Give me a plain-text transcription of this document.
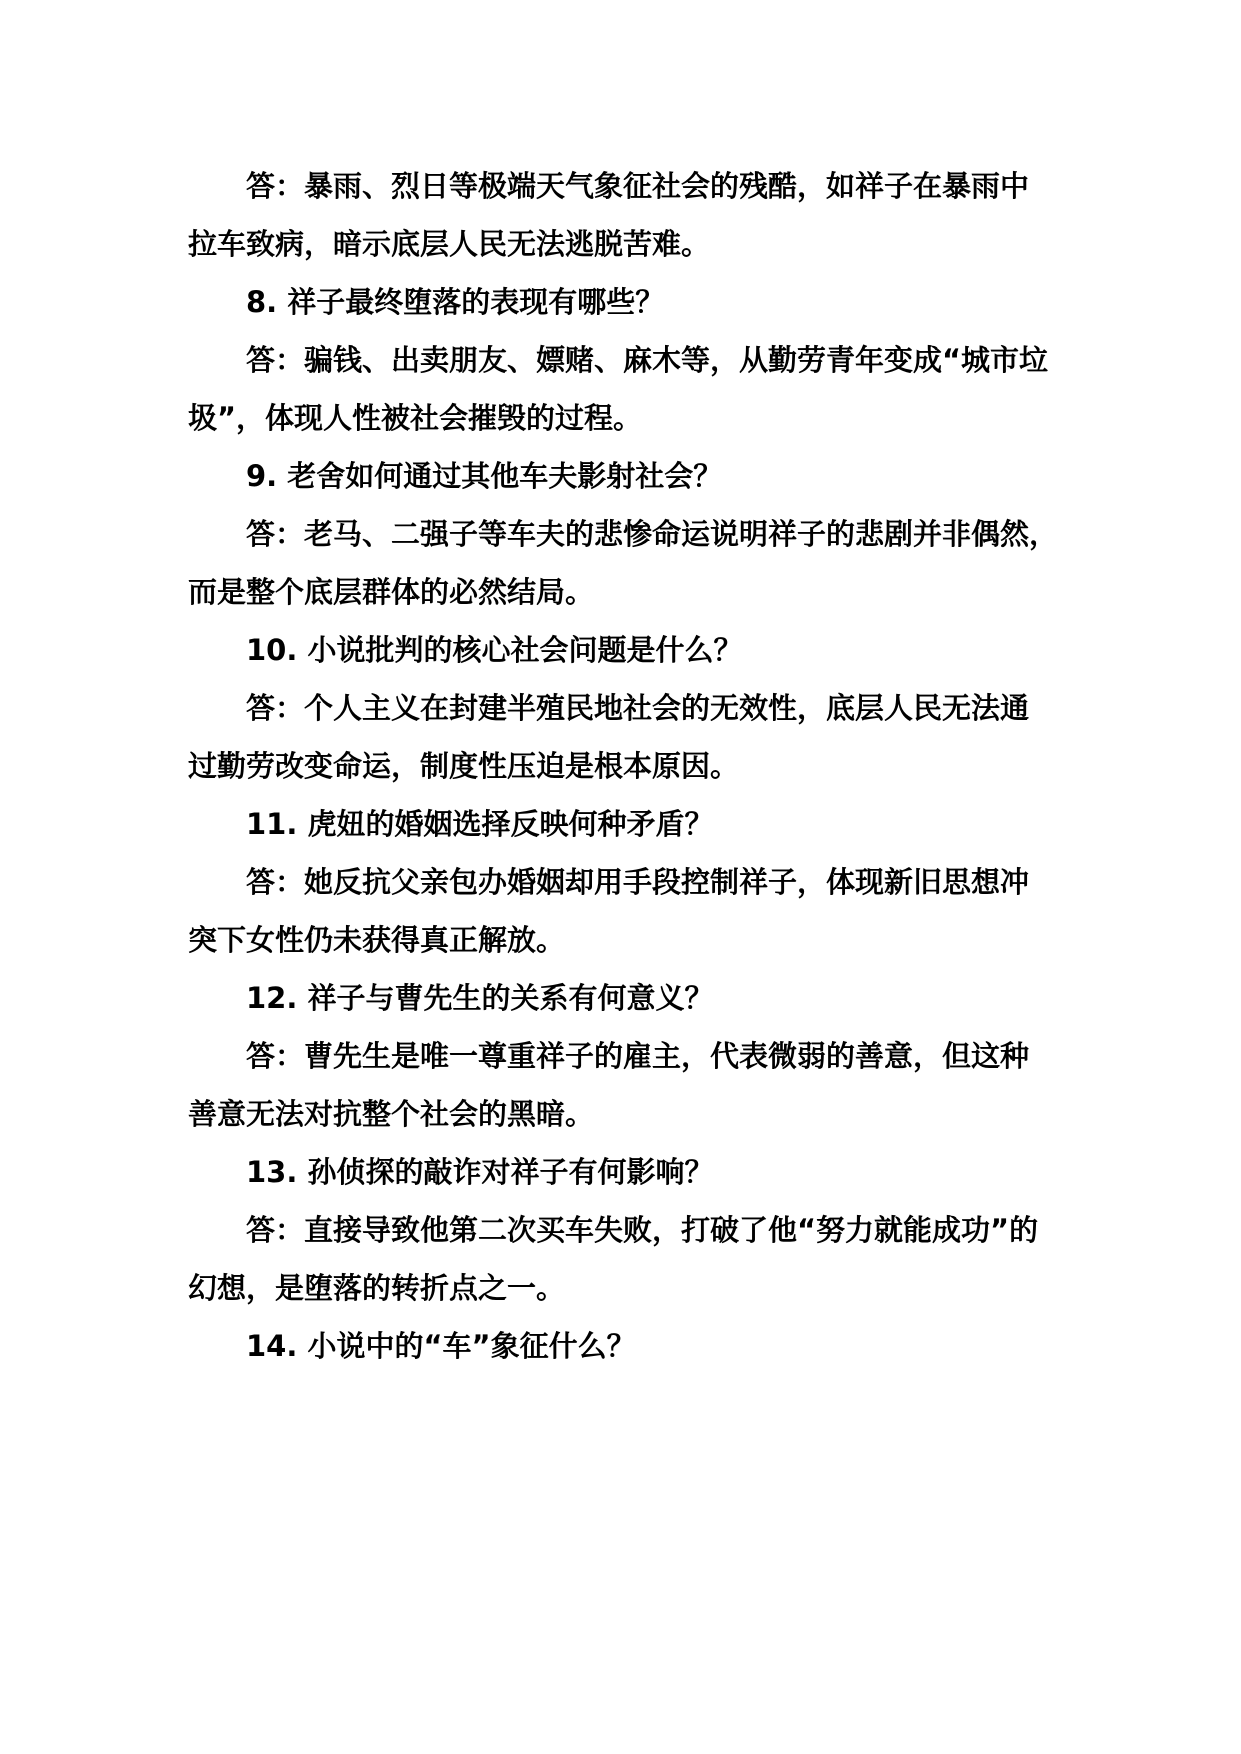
答：暴雨、烈日等极端天气象征社会的残酷，如祥子在暴雨中
拉车致病，暗示底层人民无法逃脱苦难。
8. 祥子最终堕落的表现有哪些？
答：骗钱、出卖朋友、嫖赌、麻木等，从勤劳青年变成“城市垃
圾”，体现人性被社会摧毁的过程。
9. 老舍如何通过其他车夫影射社会？
答：老马、二强子等车夫的悲惨命运说明祥子的悲剧并非偶然，
而是整个底层群体的必然结局。
10. 小说批判的核心社会问题是什么？
答：个人主义在封建半殖民地社会的无效性，底层人民无法通
过勤劳改变命运，制度性压迫是根本原因。
11. 虎妞的婚姻选择反映何种矛盾？
答：她反抗父亲包办婚姻却用手段控制祥子，体现新旧思想冲
突下女性仍未获得真正解放。
12. 祥子与曹先生的关系有何意义？
答：曹先生是唯一尊重祥子的雇主，代表微弱的善意，但这种
善意无法对抗整个社会的黑暗。
13. 孙侦探的敲诈对祥子有何影响？
答：直接导致他第二次买车失败，打破了他“努力就能成功”的
幻想，是堕落的转折点之一。
14. 小说中的“车”象征什么？
